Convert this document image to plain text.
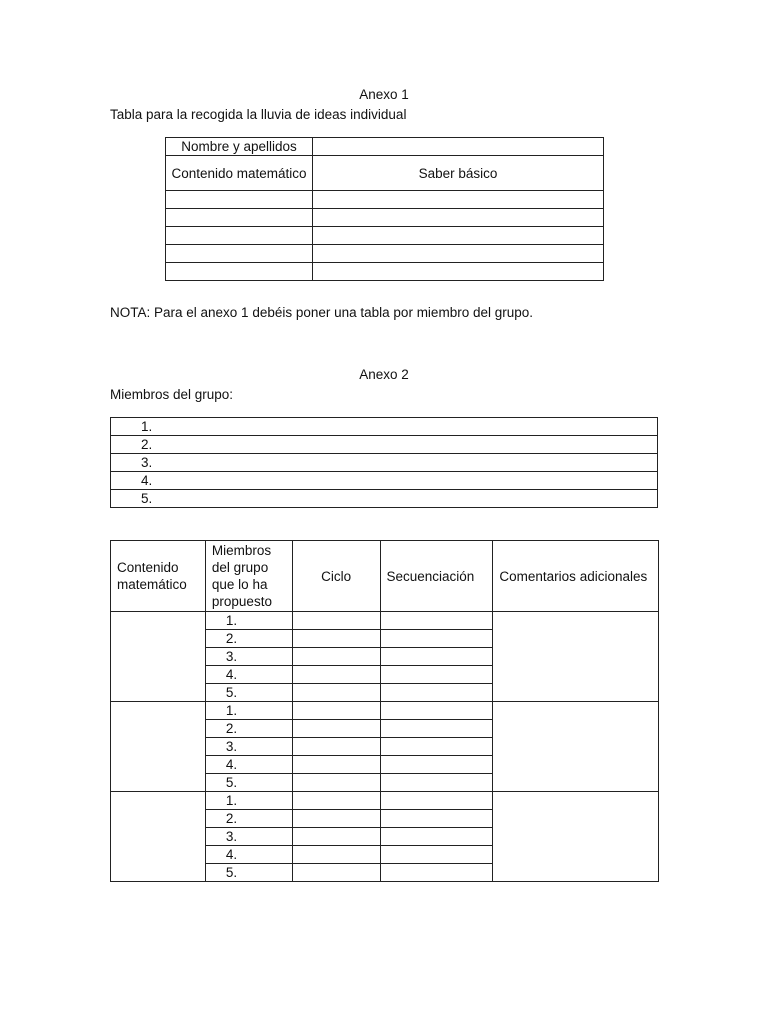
Anexo 1
Tabla para la recogida la lluvia de ideas individual
Nombre y apellidos	
Contenido matemático	Saber básico

NOTA: Para el anexo 1 debéis poner una tabla por miembro del grupo.
Anexo 2
Miembros del grupo:
1.
2.
3.
4.
5.
Contenido matemático	Miembros del grupo que lo ha propuesto	Ciclo	Secuenciación	Comentarios adicionales
	1.			
	2.			
	3.			
	4.			
	5.			
	1.			
	2.			
	3.			
	4.			
	5.			
	1.			
	2.			
	3.			
	4.			
	5.			
